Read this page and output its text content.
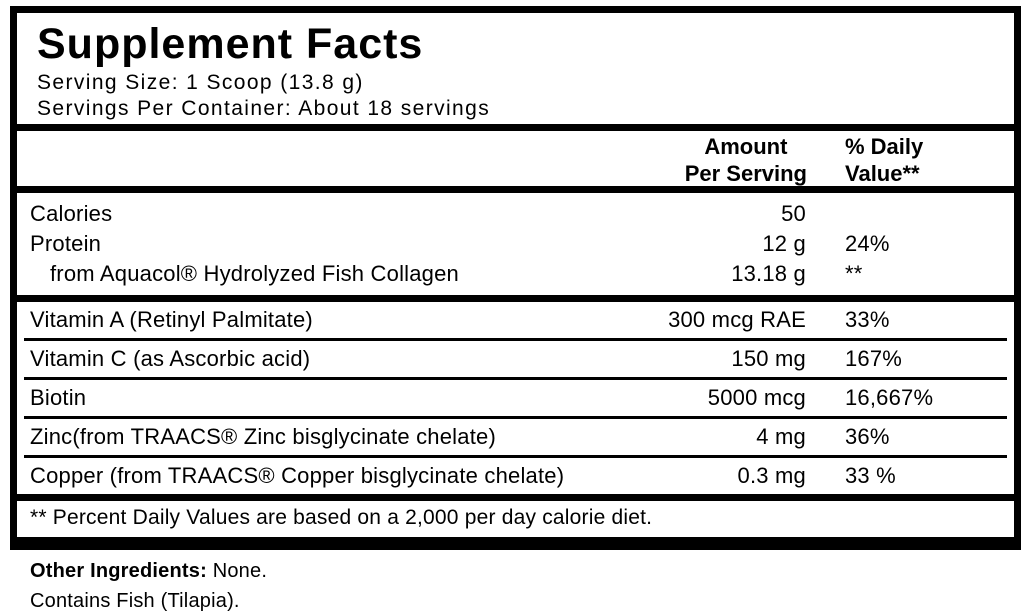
Supplement Facts
Serving Size: 1 Scoop (13.8 g)
Servings Per Container: About 18 servings
Amount
Per Serving
% Daily
Value**
Calories	50
Protein	12 g 24%
from Aquacol® Hydrolyzed Fish Collagen	13.18 g **
Vitamin A (Retinyl Palmitate)	300 mcg RAE 33%
Vitamin C (as Ascorbic acid)	150 mg 167%
Biotin	5000 mcg 16,667%
Zinc(from TRAACS® Zinc bisglycinate chelate)	4 mg 36%
Copper (from TRAACS® Copper bisglycinate chelate)	0.3 mg 33 %
** Percent Daily Values are based on a 2,000 per day calorie diet.
Other Ingredients: None.
Contains Fish (Tilapia).
